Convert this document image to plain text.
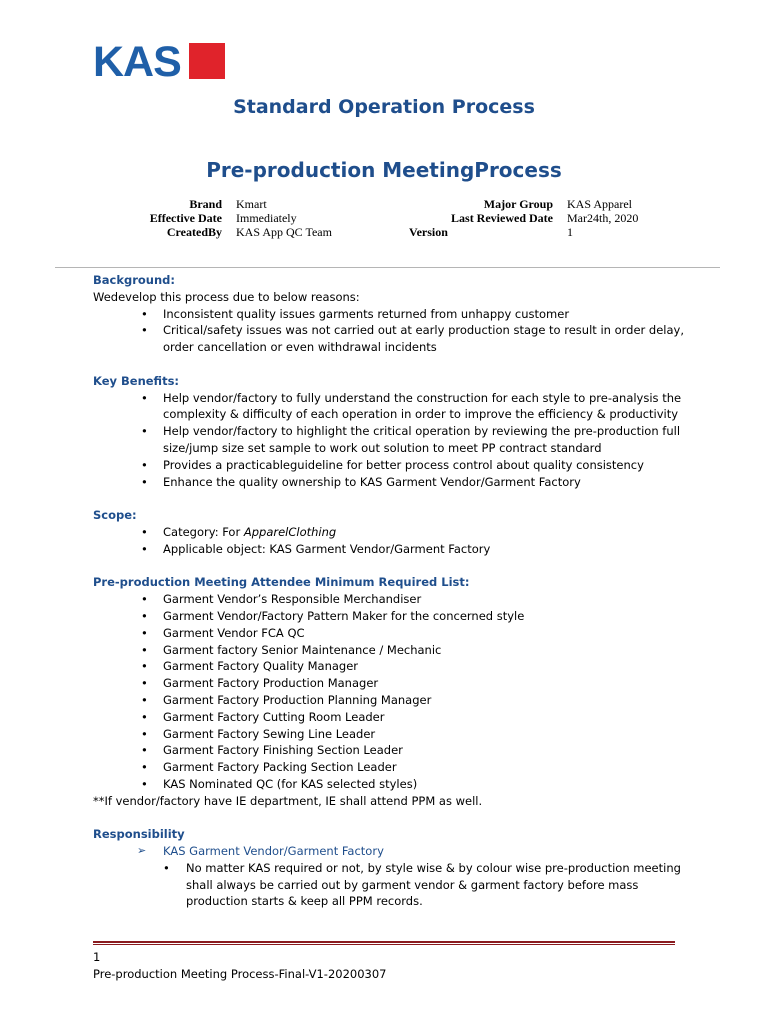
KAS
Standard Operation Process
Pre-production MeetingProcess
Brand Kmart
Effective Date Immediately
CreatedBy KAS App QC Team
Major Group KAS Apparel
Last Reviewed Date Mar24th, 2020
Version	1
Background:
Wedevelop this process due to below reasons:
• Inconsistent quality issues garments returned from unhappy customer
• Critical/safety issues was not carried out at early production stage to result in order delay, order cancellation or even withdrawal incidents
Key Benefits:
• Help vendor/factory to fully understand the construction for each style to pre-analysis the complexity & difficulty of each operation in order to improve the efficiency & productivity
• Help vendor/factory to highlight the critical operation by reviewing the pre-production full size/jump size set sample to work out solution to meet PP contract standard
• Provides a practicableguideline for better process control about quality consistency
• Enhance the quality ownership to KAS Garment Vendor/Garment Factory
Scope:
• Category: For ApparelClothing
• Applicable object: KAS Garment Vendor/Garment Factory
Pre-production Meeting Attendee Minimum Required List:
• Garment Vendor’s Responsible Merchandiser
• Garment Vendor/Factory Pattern Maker for the concerned style
• Garment Vendor FCA QC
• Garment factory Senior Maintenance / Mechanic
• Garment Factory Quality Manager
• Garment Factory Production Manager
• Garment Factory Production Planning Manager
• Garment Factory Cutting Room Leader
• Garment Factory Sewing Line Leader
• Garment Factory Finishing Section Leader
• Garment Factory Packing Section Leader
• KAS Nominated QC (for KAS selected styles)
**If vendor/factory have IE department, IE shall attend PPM as well.
Responsibility
➢ KAS Garment Vendor/Garment Factory
• No matter KAS required or not, by style wise & by colour wise pre-production meeting shall always be carried out by garment vendor & garment factory before mass production starts & keep all PPM records.
1
Pre-production Meeting Process-Final-V1-20200307
